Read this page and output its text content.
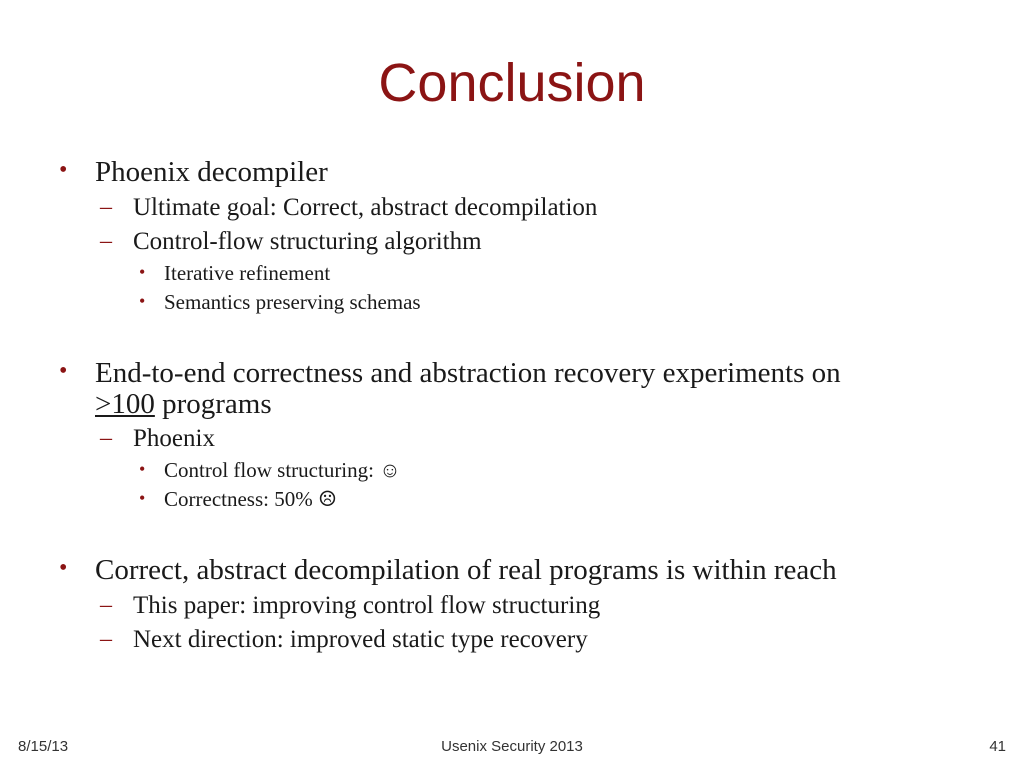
Conclusion
• Phoenix decompiler
– Ultimate goal: Correct, abstract decompilation
– Control-flow structuring algorithm
• Iterative refinement
• Semantics preserving schemas
• End-to-end correctness and abstraction recovery experiments on
>100 programs
– Phoenix
• Control flow structuring: ☺
• Correctness: 50% ☹
• Correct, abstract decompilation of real programs is within reach
– This paper: improving control flow structuring
– Next direction: improved static type recovery
8/15/13	Usenix Security 2013	41
